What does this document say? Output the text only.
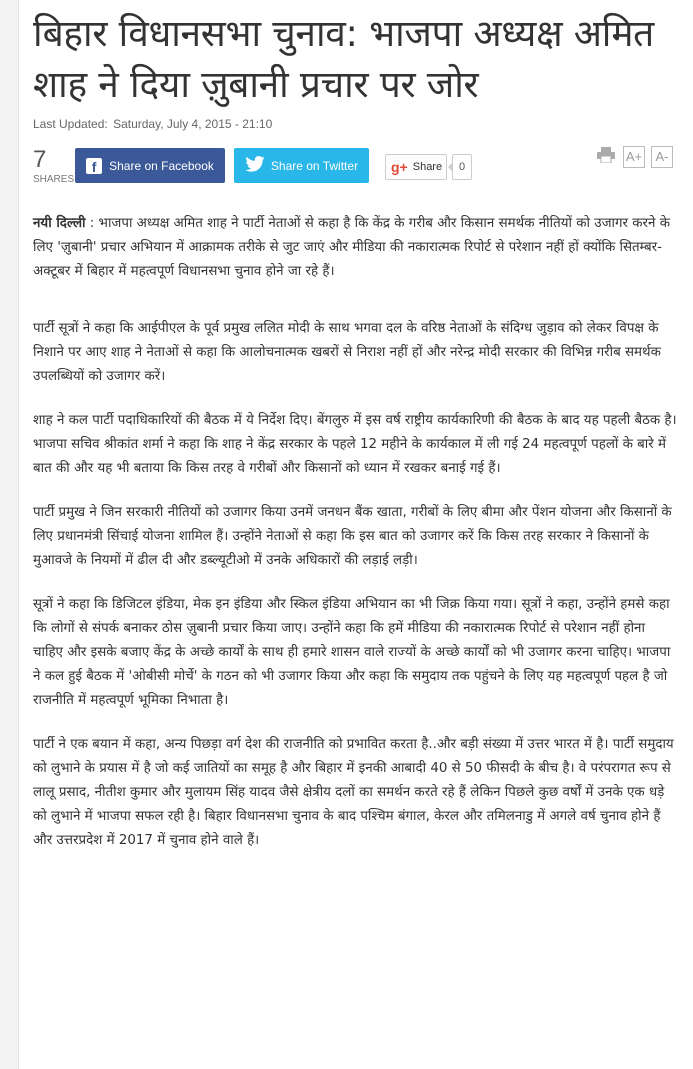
बिहार विधानसभा चुनाव: भाजपा अध्यक्ष अमित शाह ने दिया ज़ुबानी प्रचार पर जोर
Last Updated: Saturday, July 4, 2015 - 21:10
7
SHARES
f	Share on Facebook	Share on Twitter g+ Share	0
A+	A-

नयी दिल्ली : भाजपा अध्यक्ष अमित शाह ने पार्टी नेताओं से कहा है कि केंद्र के गरीब और किसान समर्थक नीतियों को उजागर करने के लिए 'ज़ुबानी' प्रचार अभियान में आक्रामक तरीके से जुट जाएं और मीडिया की नकारात्मक रिपोर्ट से परेशान नहीं हों क्योंकि सितम्बर-अक्टूबर में बिहार में महत्वपूर्ण विधानसभा चुनाव होने जा रहे हैं।

पार्टी सूत्रों ने कहा कि आईपीएल के पूर्व प्रमुख ललित मोदी के साथ भगवा दल के वरिष्ठ नेताओं के संदिग्ध जुड़ाव को लेकर विपक्ष के निशाने पर आए शाह ने नेताओं से कहा कि आलोचनात्मक खबरों से निराश नहीं हों और नरेन्द्र मोदी सरकार की विभिन्न गरीब समर्थक उपलब्धियों को उजागर करें।

शाह ने कल पार्टी पदाधिकारियों की बैठक में ये निर्देश दिए। बेंगलुरु में इस वर्ष राष्ट्रीय कार्यकारिणी की बैठक के बाद यह पहली बैठक है। भाजपा सचिव श्रीकांत शर्मा ने कहा कि शाह ने केंद्र सरकार के पहले 12 महीने के कार्यकाल में ली गई 24 महत्वपूर्ण पहलों के बारे में बात की और यह भी बताया कि किस तरह वे गरीबों और किसानों को ध्यान में रखकर बनाई गई हैं।

पार्टी प्रमुख ने जिन सरकारी नीतियों को उजागर किया उनमें जनधन बैंक खाता, गरीबों के लिए बीमा और पेंशन योजना और किसानों के लिए प्रधानमंत्री सिंचाई योजना शामिल हैं। उन्होंने नेताओं से कहा कि इस बात को उजागर करें कि किस तरह सरकार ने किसानों के मुआवजे के नियमों में ढील दी और डब्ल्यूटीओ में उनके अधिकारों की लड़ाई लड़ी।

सूत्रों ने कहा कि डिजिटल इंडिया, मेक इन इंडिया और स्किल इंडिया अभियान का भी जिक्र किया गया। सूत्रों ने कहा, उन्होंने हमसे कहा कि लोगों से संपर्क बनाकर ठोस ज़ुबानी प्रचार किया जाए। उन्होंने कहा कि हमें मीडिया की नकारात्मक रिपोर्ट से परेशान नहीं होना चाहिए और इसके बजाए केंद्र के अच्छे कार्यों के साथ ही हमारे शासन वाले राज्यों के अच्छे कार्यों को भी उजागर करना चाहिए। भाजपा ने कल हुई बैठक में 'ओबीसी मोर्चे' के गठन को भी उजागर किया और कहा कि समुदाय तक पहुंचने के लिए यह महत्वपूर्ण पहल है जो राजनीति में महत्वपूर्ण भूमिका निभाता है।

पार्टी ने एक बयान में कहा, अन्य पिछड़ा वर्ग देश की राजनीति को प्रभावित करता है..और बड़ी संख्या में उत्तर भारत में है। पार्टी समुदाय को लुभाने के प्रयास में है जो कई जातियों का समूह है और बिहार में इनकी आबादी 40 से 50 फीसदी के बीच है। वे परंपरागत रूप से लालू प्रसाद, नीतीश कुमार और मुलायम सिंह यादव जैसे क्षेत्रीय दलों का समर्थन करते रहे हैं लेकिन पिछले कुछ वर्षों में उनके एक धड़े को लुभाने में भाजपा सफल रही है। बिहार विधानसभा चुनाव के बाद पश्चिम बंगाल, केरल और तमिलनाडु में अगले वर्ष चुनाव होने हैं और उत्तरप्रदेश में 2017 में चुनाव होने वाले हैं।
